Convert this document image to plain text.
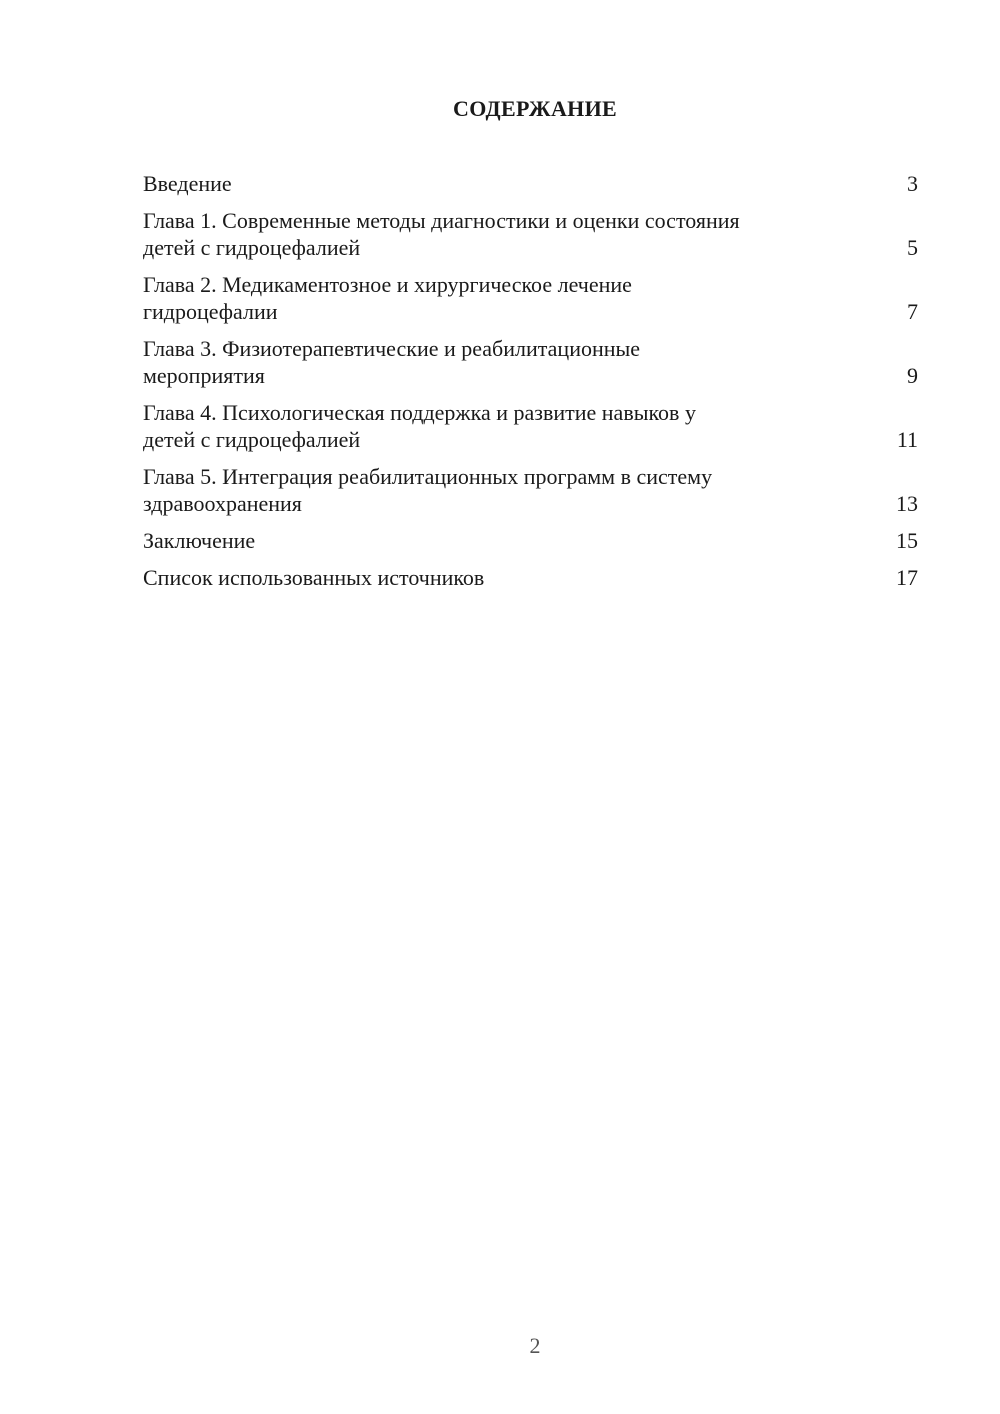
СОДЕРЖАНИЕ
Введение	3
Глава 1. Современные методы диагностики и оценки состояния
детей с гидроцефалией	5
Глава 2. Медикаментозное и хирургическое лечение
гидроцефалии	7
Глава 3. Физиотерапевтические и реабилитационные
мероприятия	9
Глава 4. Психологическая поддержка и развитие навыков у
детей с гидроцефалией	11
Глава 5. Интеграция реабилитационных программ в систему
здравоохранения	13
Заключение	15
Список использованных источников	17
2
